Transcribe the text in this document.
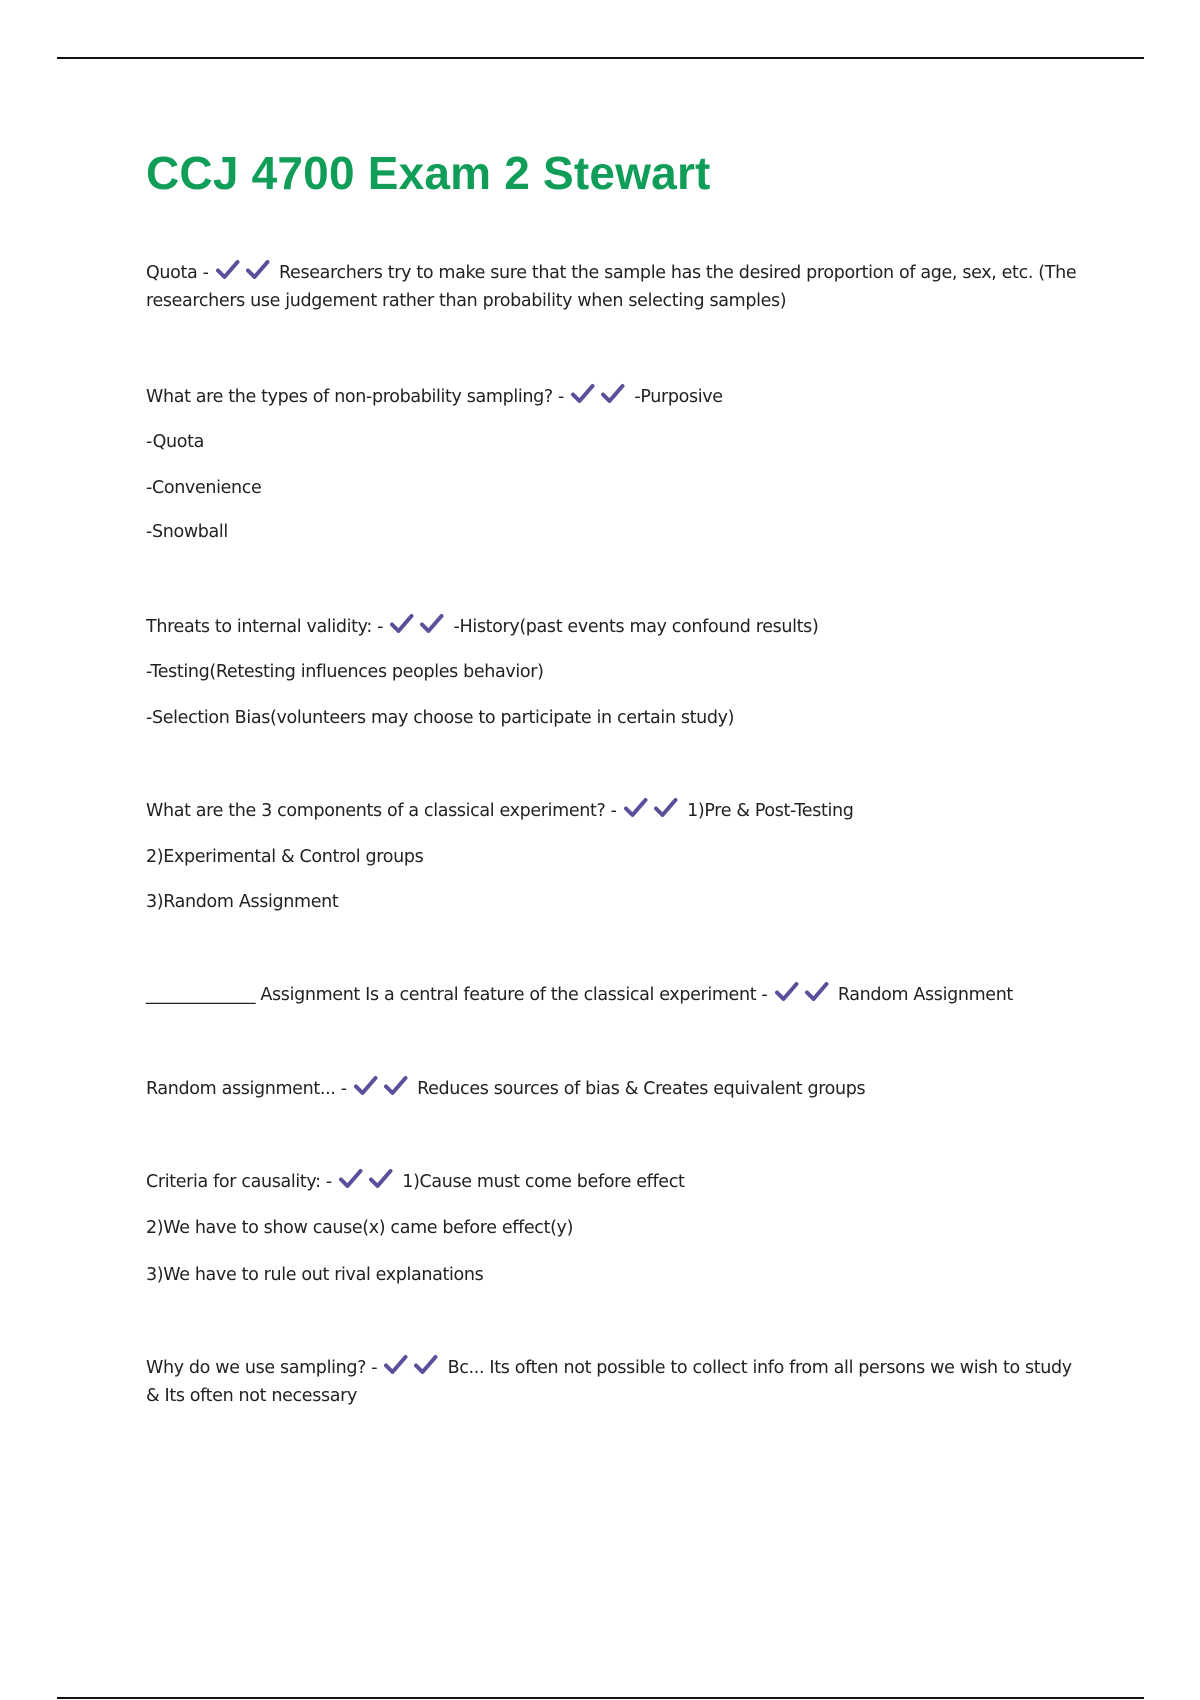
CCJ 4700 Exam 2 Stewart
Quota -	Researchers try to make sure that the sample has the desired proportion of age, sex, etc. (The researchers use judgement rather than probability when selecting samples)
What are the types of non-probability sampling? -	-Purposive
-Quota
-Convenience
-Snowball
Threats to internal validity: -	-History(past events may confound results)
-Testing(Retesting influences peoples behavior)
-Selection Bias(volunteers may choose to participate in certain study)
What are the 3 components of a classical experiment? -	1)Pre & Post-Testing
2)Experimental & Control groups
3)Random Assignment
_____________ Assignment Is a central feature of the classical experiment -	Random Assignment
Random assignment... -	Reduces sources of bias & Creates equivalent groups
Criteria for causality: -	1)Cause must come before effect
2)We have to show cause(x) came before effect(y)
3)We have to rule out rival explanations
Why do we use sampling? -	Bc... Its often not possible to collect info from all persons we wish to study & Its often not necessary
